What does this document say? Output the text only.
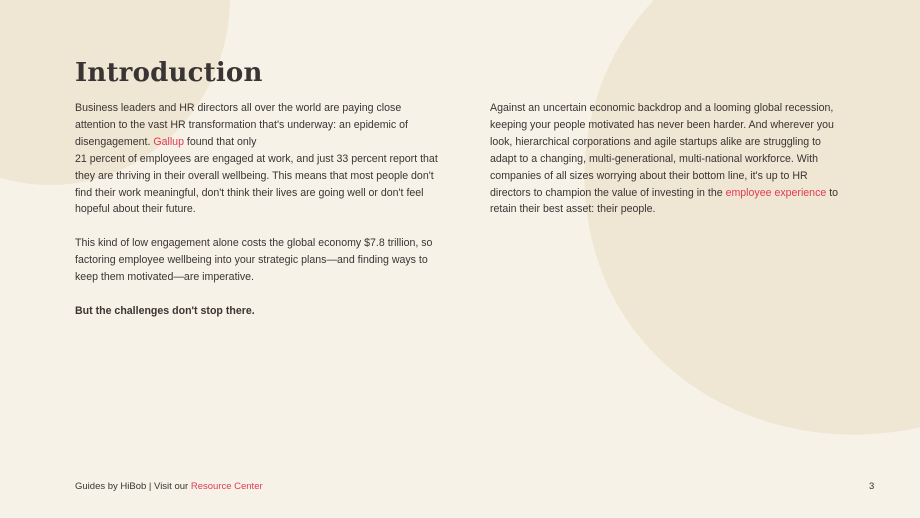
Introduction

Business leaders and HR directors all over the world are paying close attention to the vast HR transformation that's underway: an epidemic of disengagement. Gallup found that only
21 percent of employees are engaged at work, and just 33 percent report that they are thriving in their overall wellbeing. This means that most people don't find their work meaningful, don't think their lives are going well or don't feel hopeful about their future.

This kind of low engagement alone costs the global economy $7.8 trillion, so factoring employee wellbeing into your strategic plans—and finding ways to keep them motivated—are imperative.

But the challenges don't stop there.

Against an uncertain economic backdrop and a looming global recession, keeping your people motivated has never been harder. And wherever you look, hierarchical corporations and agile startups alike are struggling to adapt to a changing, multi-generational, multi-national workforce. With companies of all sizes worrying about their bottom line, it's up to HR directors to champion the value of investing in the employee experience to retain their best asset: their people.

Guides by HiBob | Visit our Resource Center	3
